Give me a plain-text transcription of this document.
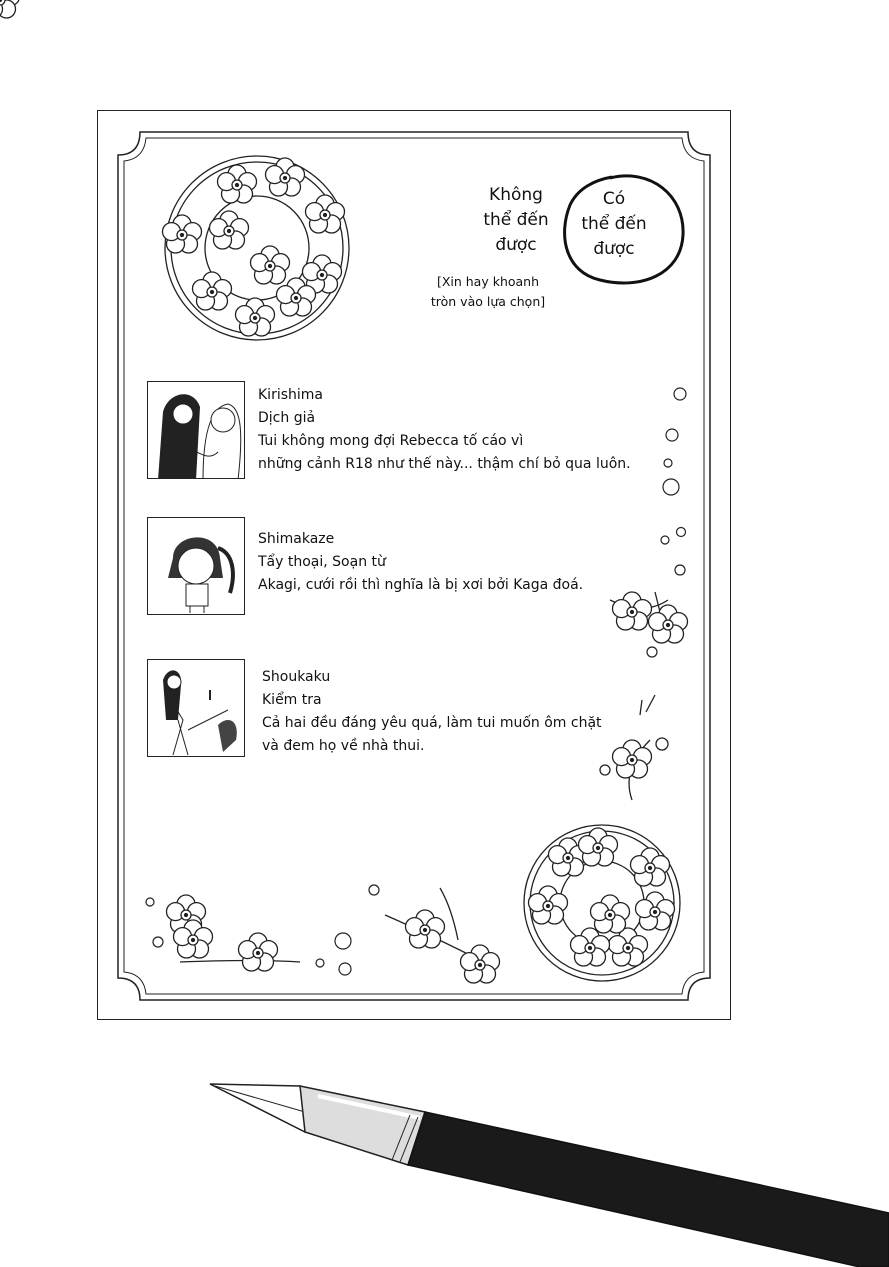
Không
thể đến
được
Có
thể đến
được
[Xin hay khoanh
tròn vào lựa chọn]
Kirishima
Dịch giả
Tui không mong đợi Rebecca tố cáo vì
những cảnh R18 như thế này... thậm chí bỏ qua luôn.
Shimakaze
Tẩy thoại, Soạn từ
Akagi, cưới rồi thì nghĩa là bị xơi bởi Kaga đoá.
Shoukaku
Kiểm tra
Cả hai đều đáng yêu quá, làm tui muốn ôm chặt
và đem họ về nhà thui.
